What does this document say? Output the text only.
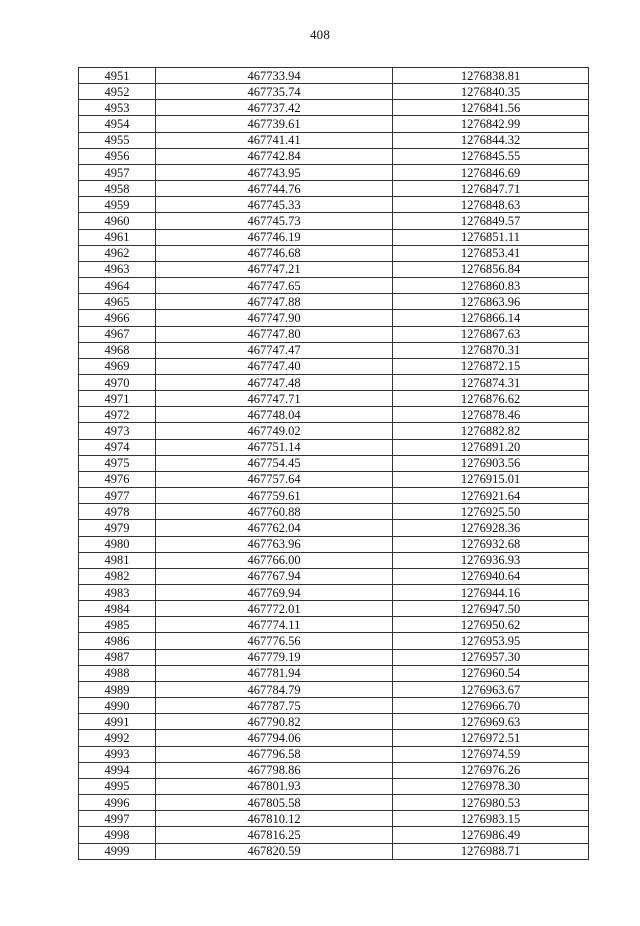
408
4951	467733.94	1276838.81
4952	467735.74	1276840.35
4953	467737.42	1276841.56
4954	467739.61	1276842.99
4955	467741.41	1276844.32
4956	467742.84	1276845.55
4957	467743.95	1276846.69
4958	467744.76	1276847.71
4959	467745.33	1276848.63
4960	467745.73	1276849.57
4961	467746.19	1276851.11
4962	467746.68	1276853.41
4963	467747.21	1276856.84
4964	467747.65	1276860.83
4965	467747.88	1276863.96
4966	467747.90	1276866.14
4967	467747.80	1276867.63
4968	467747.47	1276870.31
4969	467747.40	1276872.15
4970	467747.48	1276874.31
4971	467747.71	1276876.62
4972	467748.04	1276878.46
4973	467749.02	1276882.82
4974	467751.14	1276891.20
4975	467754.45	1276903.56
4976	467757.64	1276915.01
4977	467759.61	1276921.64
4978	467760.88	1276925.50
4979	467762.04	1276928.36
4980	467763.96	1276932.68
4981	467766.00	1276936.93
4982	467767.94	1276940.64
4983	467769.94	1276944.16
4984	467772.01	1276947.50
4985	467774.11	1276950.62
4986	467776.56	1276953.95
4987	467779.19	1276957.30
4988	467781.94	1276960.54
4989	467784.79	1276963.67
4990	467787.75	1276966.70
4991	467790.82	1276969.63
4992	467794.06	1276972.51
4993	467796.58	1276974.59
4994	467798.86	1276976.26
4995	467801.93	1276978.30
4996	467805.58	1276980.53
4997	467810.12	1276983.15
4998	467816.25	1276986.49
4999	467820.59	1276988.71
